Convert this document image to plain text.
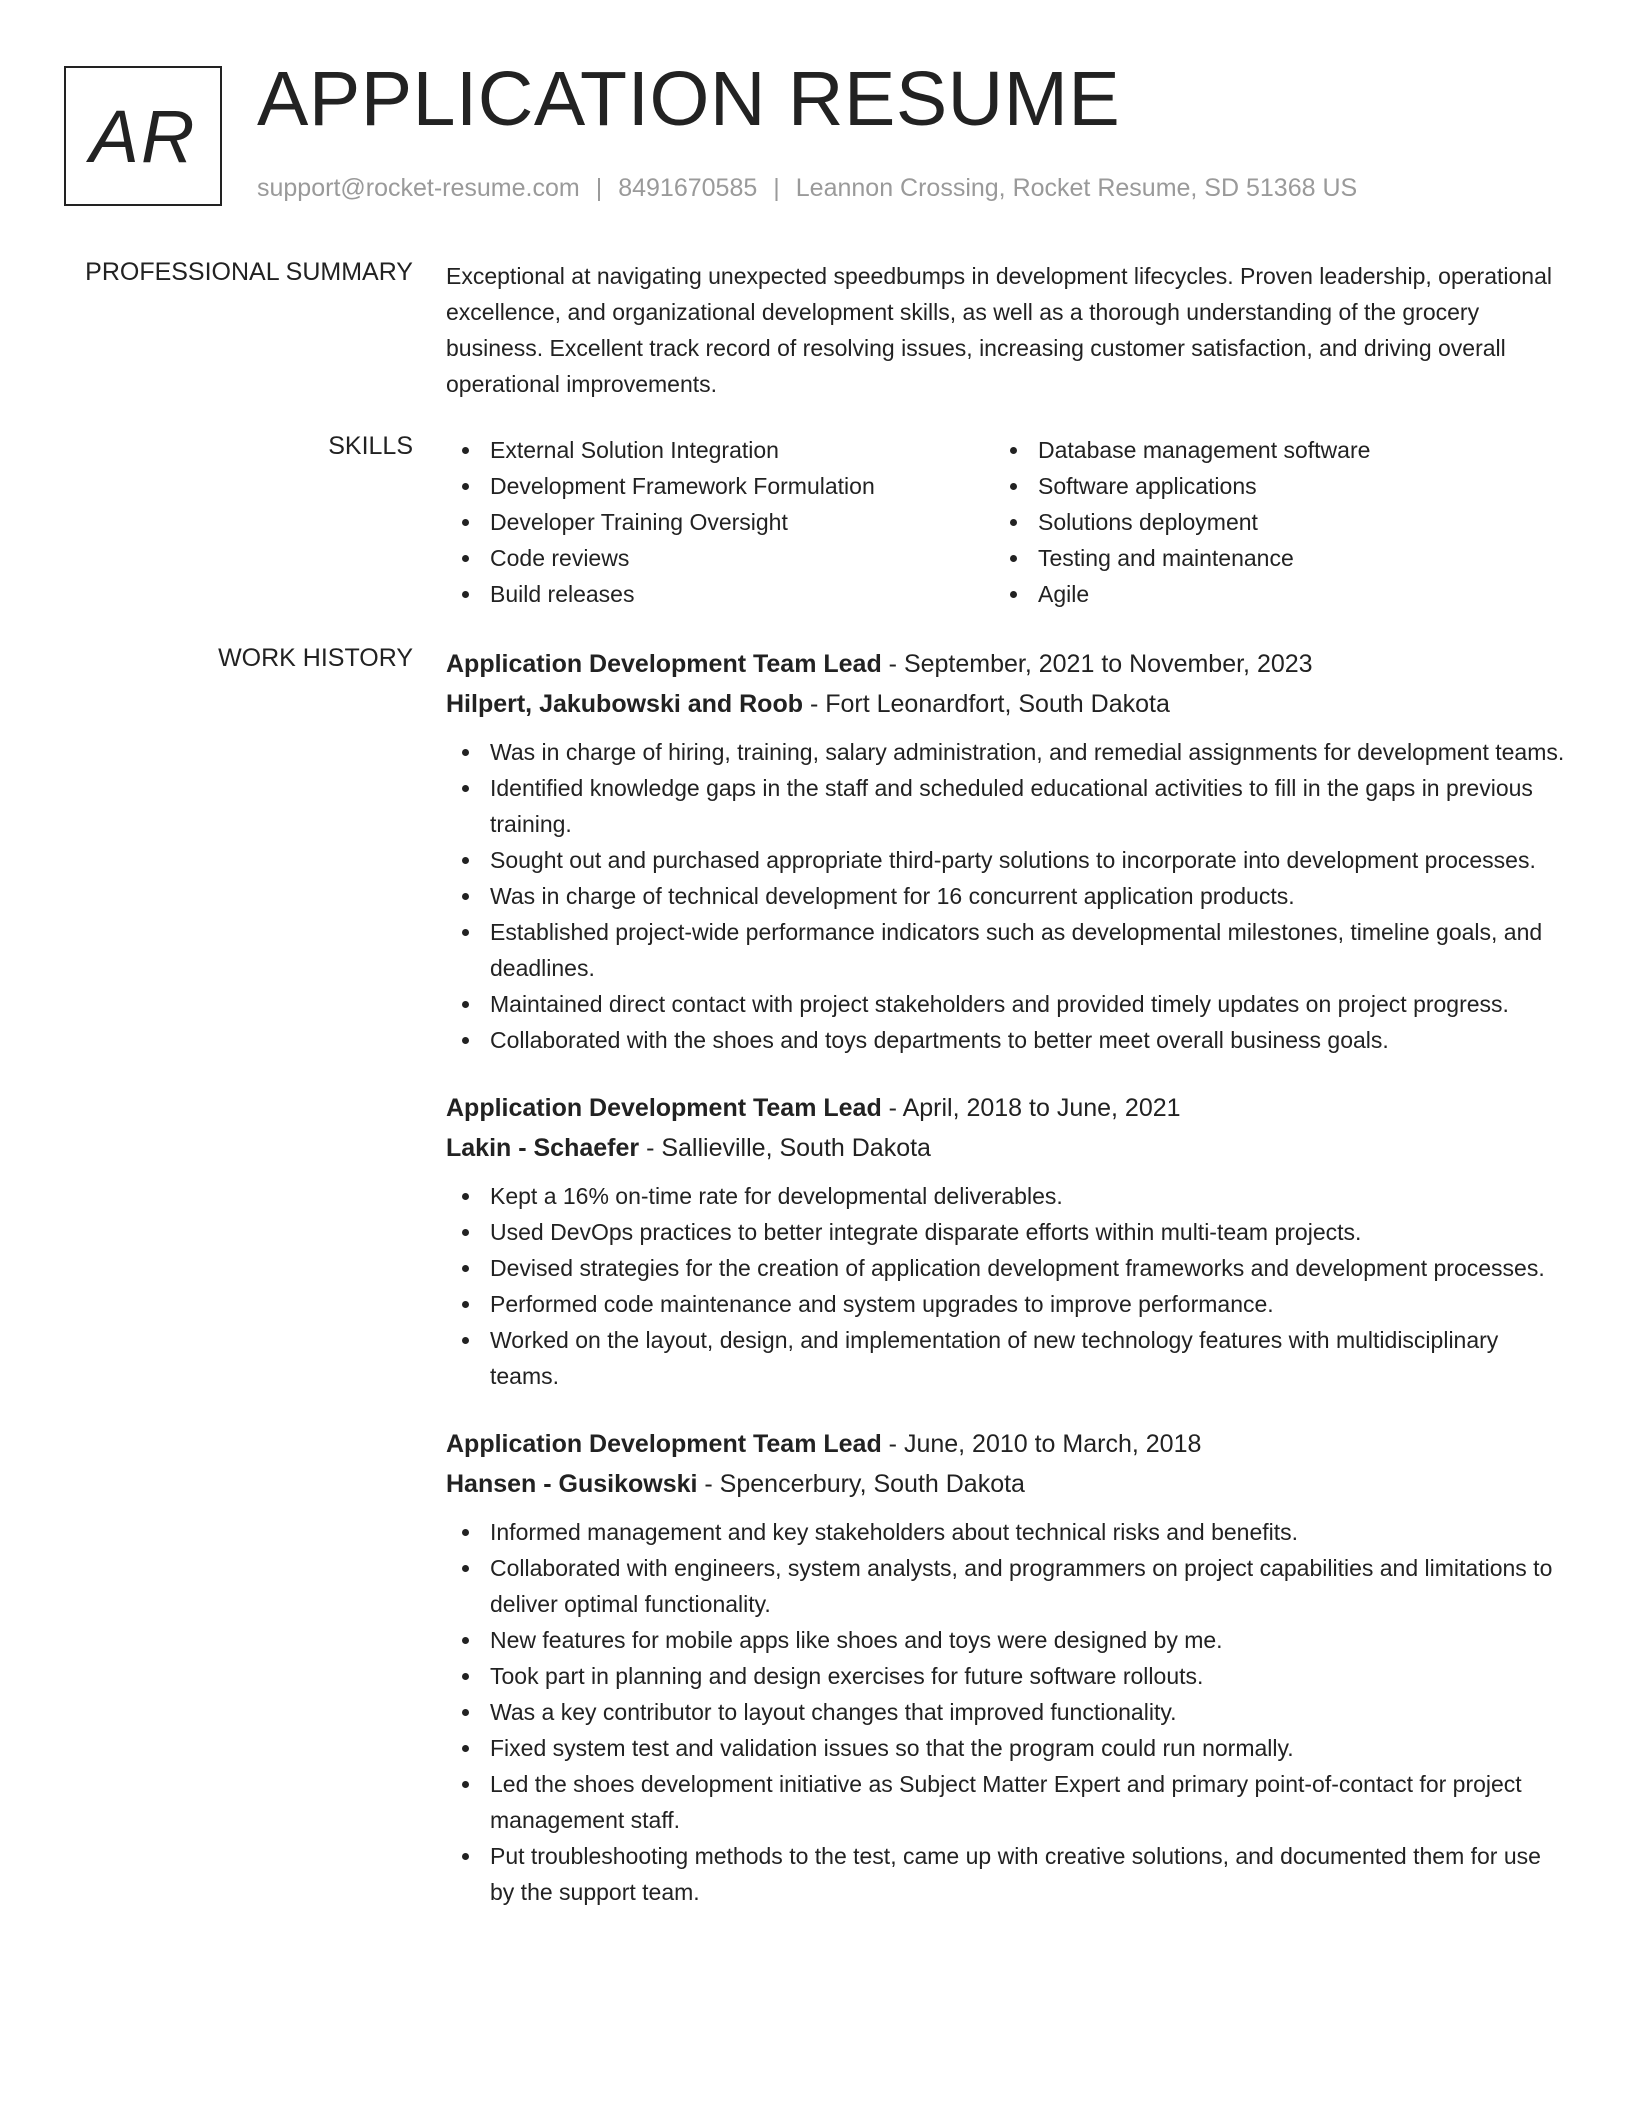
AR APPLICATION RESUME
support@rocket-resume.com | 8491670585 | Leannon Crossing, Rocket Resume, SD 51368 US
PROFESSIONAL SUMMARY Exceptional at navigating unexpected speedbumps in development lifecycles. Proven leadership, operational excellence, and organizational development skills, as well as a thorough understanding of the grocery business. Excellent track record of resolving issues, increasing customer satisfaction, and driving overall operational improvements.

SKILLS	External Solution Integration
Development Framework Formulation
Developer Training Oversight
Code reviews
Build releases
Database management software
Software applications
Solutions deployment
Testing and maintenance
Agile
WORK HISTORY Application Development Team Lead - September, 2021 to November, 2023
Hilpert, Jakubowski and Roob - Fort Leonardfort, South Dakota
Was in charge of hiring, training, salary administration, and remedial assignments for development teams.
Identified knowledge gaps in the staff and scheduled educational activities to fill in the gaps in previous training.
Sought out and purchased appropriate third-party solutions to incorporate into development processes.
Was in charge of technical development for 16 concurrent application products.
Established project-wide performance indicators such as developmental milestones, timeline goals, and deadlines.
Maintained direct contact with project stakeholders and provided timely updates on project progress.
Collaborated with the shoes and toys departments to better meet overall business goals.
Application Development Team Lead - April, 2018 to June, 2021
Lakin - Schaefer - Sallieville, South Dakota
Kept a 16% on-time rate for developmental deliverables.
Used DevOps practices to better integrate disparate efforts within multi-team projects.
Devised strategies for the creation of application development frameworks and development processes.
Performed code maintenance and system upgrades to improve performance.
Worked on the layout, design, and implementation of new technology features with multidisciplinary teams.
Application Development Team Lead - June, 2010 to March, 2018
Hansen - Gusikowski - Spencerbury, South Dakota
Informed management and key stakeholders about technical risks and benefits.
Collaborated with engineers, system analysts, and programmers on project capabilities and limitations to deliver optimal functionality.
New features for mobile apps like shoes and toys were designed by me.
Took part in planning and design exercises for future software rollouts.
Was a key contributor to layout changes that improved functionality.
Fixed system test and validation issues so that the program could run normally.
Led the shoes development initiative as Subject Matter Expert and primary point-of-contact for project management staff.
Put troubleshooting methods to the test, came up with creative solutions, and documented them for use by the support team.
